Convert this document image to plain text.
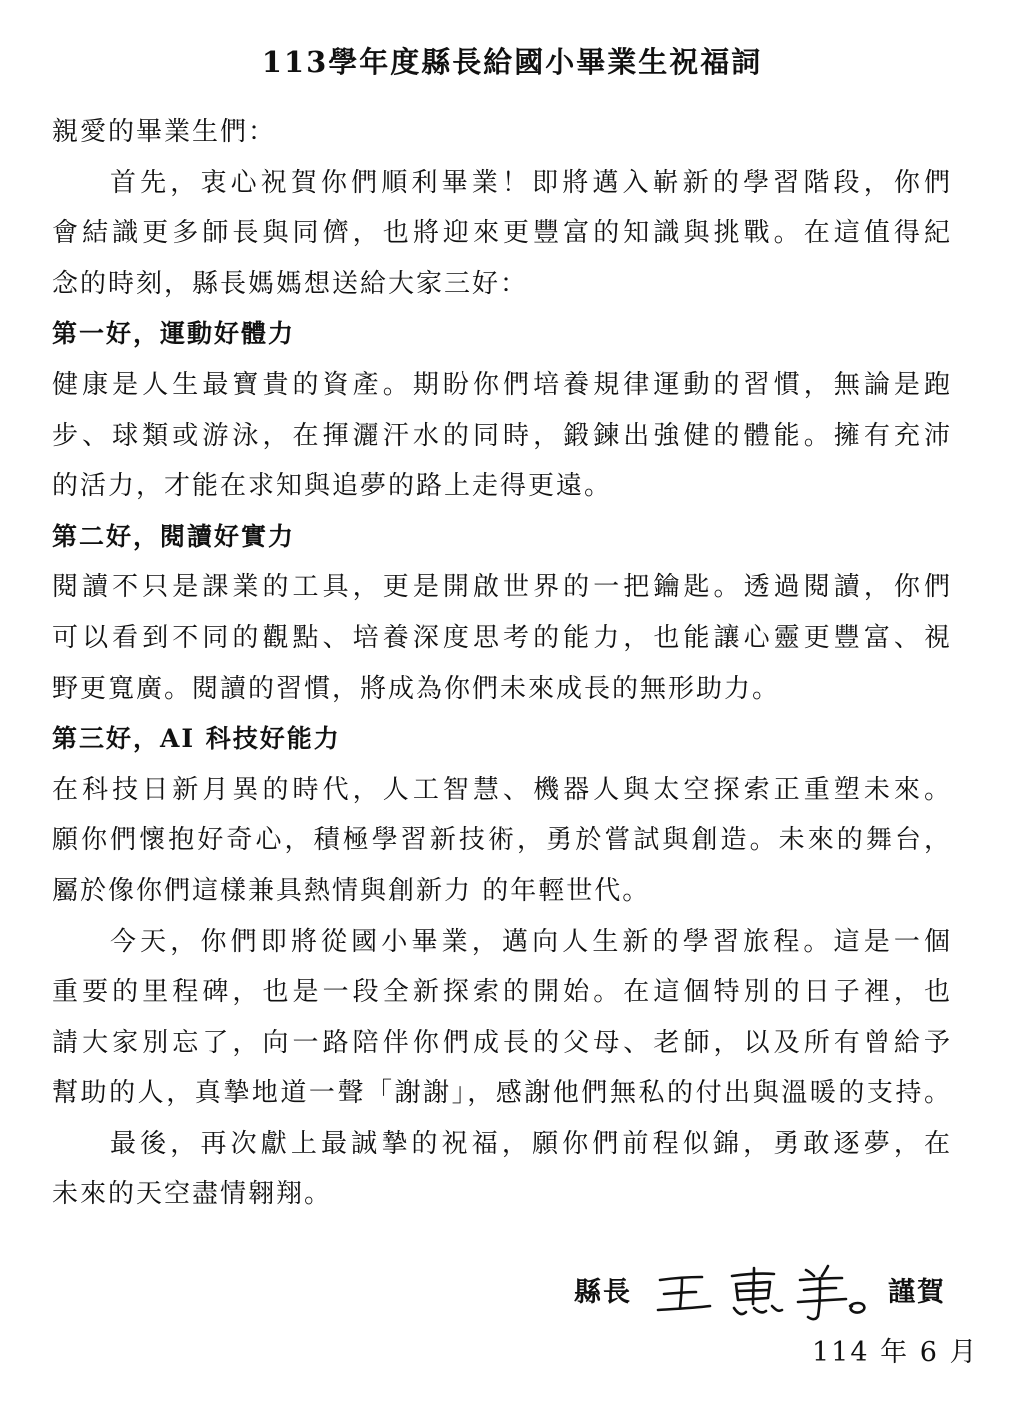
113學年度縣長給國小畢業生祝福詞
親愛的畢業生們：
首先，衷心祝賀你們順利畢業！即將邁入嶄新的學習階段，你們
會結識更多師長與同儕，也將迎來更豐富的知識與挑戰。在這值得紀
念的時刻，縣長媽媽想送給大家三好：
第一好，運動好體力
健康是人生最寶貴的資產。期盼你們培養規律運動的習慣，無論是跑
步、球類或游泳，在揮灑汗水的同時，鍛鍊出強健的體能。擁有充沛
的活力，才能在求知與追夢的路上走得更遠。
第二好，閱讀好實力
閱讀不只是課業的工具，更是開啟世界的一把鑰匙。透過閱讀，你們
可以看到不同的觀點、培養深度思考的能力，也能讓心靈更豐富、視
野更寬廣。閱讀的習慣，將成為你們未來成長的無形助力。
第三好，AI 科技好能力
在科技日新月異的時代，人工智慧、機器人與太空探索正重塑未來。
願你們懷抱好奇心，積極學習新技術，勇於嘗試與創造。未來的舞台，
屬於像你們這樣兼具熱情與創新力 的年輕世代。
今天，你們即將從國小畢業，邁向人生新的學習旅程。這是一個
重要的里程碑，也是一段全新探索的開始。在這個特別的日子裡，也
請大家別忘了，向一路陪伴你們成長的父母、老師，以及所有曾給予
幫助的人，真摯地道一聲「謝謝」，感謝他們無私的付出與溫暖的支持。
最後，再次獻上最誠摯的祝福，願你們前程似錦，勇敢逐夢，在
未來的天空盡情翱翔。
縣長	謹賀
114 年 6 月
